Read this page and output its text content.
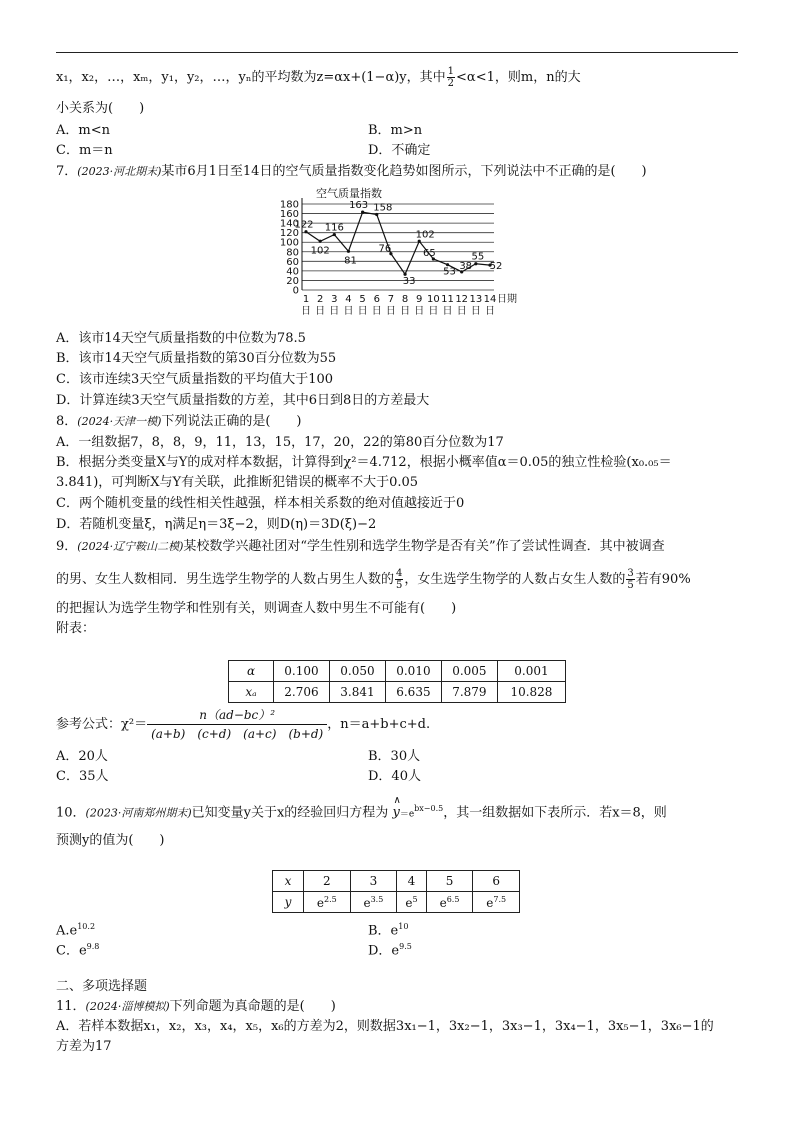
x₁，x₂，…，xₘ，y₁，y₂，…，yₙ的平均数为z=αx+(1−α)y，其中 $\frac{1}{2} <\alpha<1$，则m，n的大
小关系为(　　)
A．m<n	B．m>n
C．m＝n	D．不确定
7．(2023·河北期末)某市6月1日至14日的空气质量指数变化趋势如图所示，下列说法中不正确的是(　　)
空气质量指数
0
20
40
60
80
100
120
140
160
180
1
日
2
日
3
日
4
日
5
日
6
日
7
日
8
日
9
日
10
日
11
日
12
日
13
日
14
日
日期
122
102
116
81
163 158
76
33
102
65
53
38
55
52
A．该市14天空气质量指数的中位数为78.5
B．该市14天空气质量指数的第30百分位数为55
C．该市连续3天空气质量指数的平均值大于100
D．计算连续3天空气质量指数的方差，其中6日到8日的方差最大
8．(2024·天津一模)下列说法正确的是(　　)
A．一组数据7，8，8，9，11，13，15，17，20，22的第80百分位数为17
B．根据分类变量X与Y的成对样本数据，计算得到χ²＝4.712，根据小概率值α＝0.05的独立性检验(x₀.₀₅＝
3.841)，可判断X与Y有关联，此推断犯错误的概率不大于0.05
C．两个随机变量的线性相关性越强，样本相关系数的绝对值越接近于0
D．若随机变量ξ，η满足η＝3ξ−2，则D(η)＝3D(ξ)−2
9．(2024·辽宁鞍山二模)某校数学兴趣社团对“学生性别和选学生物学是否有关”作了尝试性调查．其中被调查
的男、女生人数相同．男生选学生物学的人数占男生人数的 $\frac{4}{5}$ ，女生选学生物学的人数占女生人数的 $\frac{3}{5}$ 若有90%
的把握认为选学生物学和性别有关，则调查人数中男生不可能有(　　)
附表：
α	0.100	0.050	0.010	0.005	0.001
xₐ	2.706	3.841	6.635	7.879	10.828
参考公式：$\chi^2= \frac{\text{n（ad−bc）²}}{(a+b) (c+d) (a+c) (b+d)}$ ，n＝a+b+c+d.
A．20人	B．30人
C．35人	D．40人
10．(2023·河南郑州期末)已知变量y关于x的经验回归方程为
∧
$y=e^{bx-0.5}$，其一组数据如下表所示．若x＝8，则
预测y的值为(　　)
x	2	3	4	5	6
y	$e^{2.5}$	$e^{3.5}$	$e^5$	$e^{6.5}$	$e^{7.5}$
$A.e^{10.2}$	B．$e^{10}$
C．$e^{9.8}$	D．$e^{9.5}$
二、多项选择题
11．(2024·淄博模拟)下列命题为真命题的是(　　)
A．若样本数据x₁，x₂，x₃，x₄，x₅，x₆的方差为2，则数据3x₁−1，3x₂−1，3x₃−1，3x₄−1，3x₅−1，3x₆−1的
方差为17
